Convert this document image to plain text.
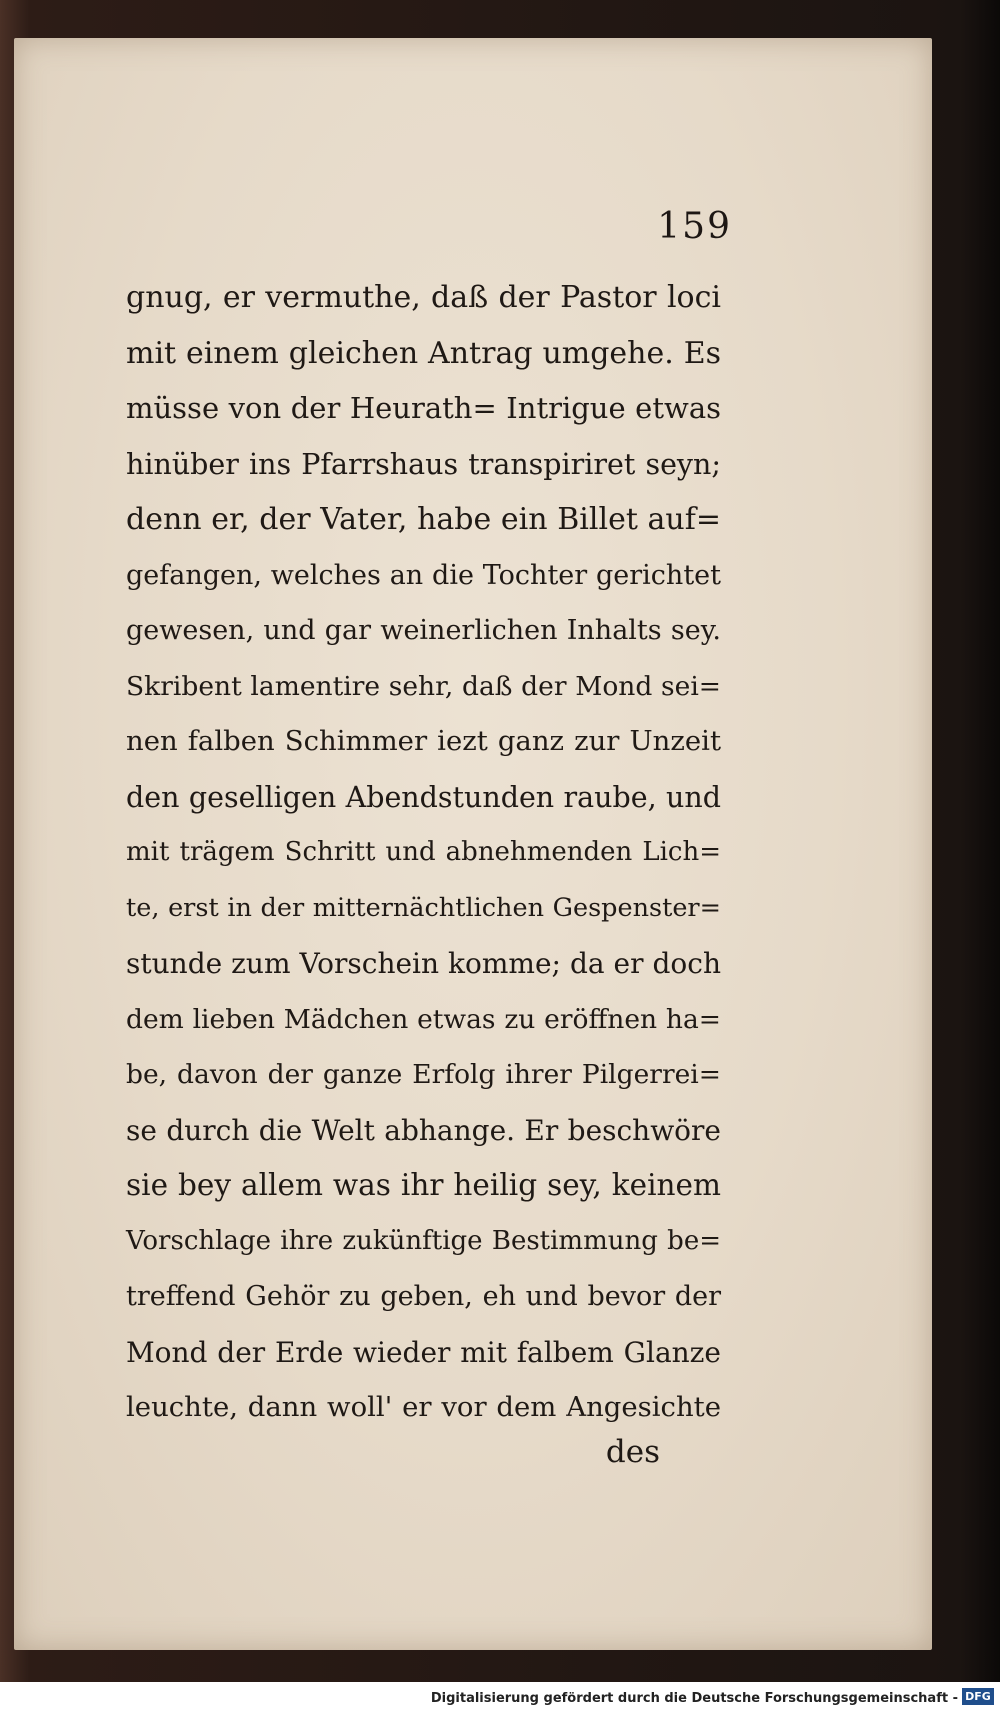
159
gnug, er vermuthe, daß der Pastor loci
mit einem gleichen Antrag umgehe. Es
müsse von der Heurath= Intrigue etwas
hinüber ins Pfarrshaus transpiriret seyn;
denn er, der Vater, habe ein Billet auf=
gefangen, welches an die Tochter gerichtet
gewesen, und gar weinerlichen Inhalts sey.
Skribent lamentire sehr, daß der Mond sei=
nen falben Schimmer iezt ganz zur Unzeit
den geselligen Abendstunden raube, und
mit trägem Schritt und abnehmenden Lich=
te, erst in der mitternächtlichen Gespenster=
stunde zum Vorschein komme; da er doch
dem lieben Mädchen etwas zu eröffnen ha=
be, davon der ganze Erfolg ihrer Pilgerrei=
se durch die Welt abhange. Er beschwöre
sie bey allem was ihr heilig sey, keinem
Vorschlage ihre zukünftige Bestimmung be=
treffend Gehör zu geben, eh und bevor der
Mond der Erde wieder mit falbem Glanze
leuchte, dann woll' er vor dem Angesichte
des
Digitalisierung gefördert durch die Deutsche Forschungsgemeinschaft - DFG
